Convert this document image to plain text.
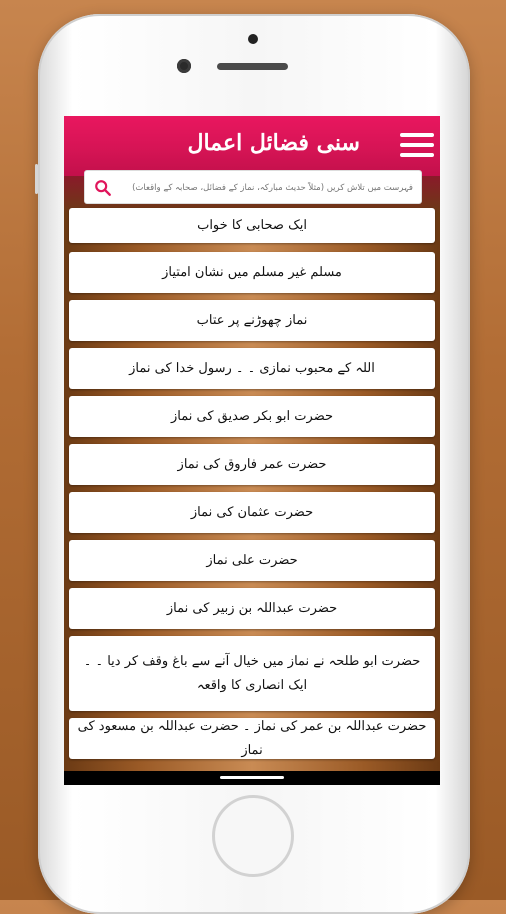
سنی فضائل اعمال
فہرست میں تلاش کریں (مثلاً حدیث مبارکہ، نماز کے فضائل، صحابہ کے واقعات)
ایک صحابی کا خواب
مسلم غیر مسلم میں نشان امتیاز
نماز چھوڑنے پر عتاب
اللہ کے محبوب نمازی ۔ ۔ رسول خدا کی نماز
حضرت ابو بکر صدیق کی نماز
حضرت عمر فاروق کی نماز
حضرت عثمان کی نماز
حضرت علی نماز
حضرت عبداللہ بن زبیر کی نماز
حضرت ابو طلحہ نے نماز میں خیال آنے سے باغ وقف کر دیا ۔ ۔ ایک انصاری کا واقعہ
حضرت عبداللہ بن عمر کی نماز ۔ حضرت عبداللہ بن مسعود کی نماز
